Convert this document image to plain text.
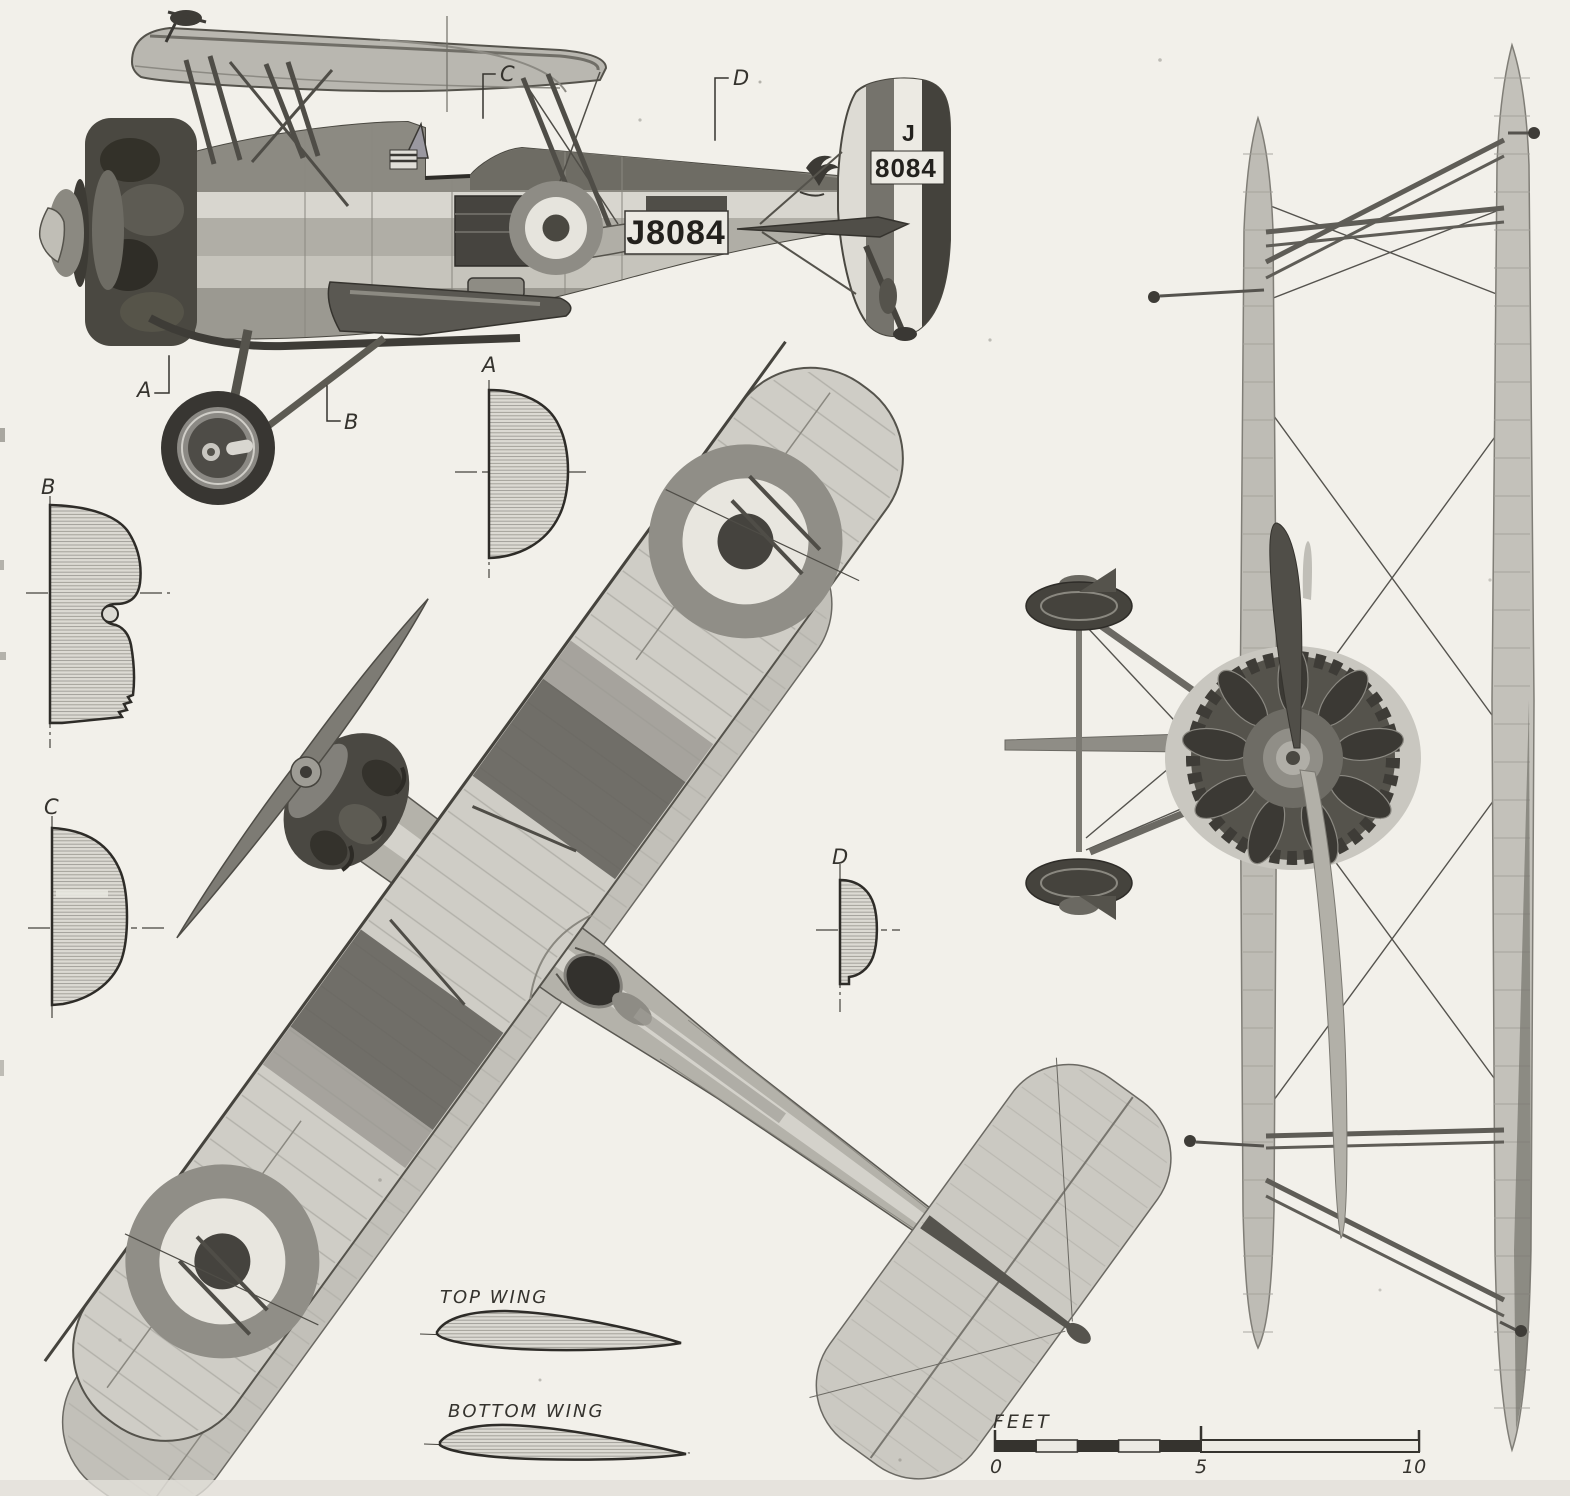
J8084
J
8084
C	D
A
B
A
B
C
D
TOP WING
BOTTOM WING	FEET
0	5	10
